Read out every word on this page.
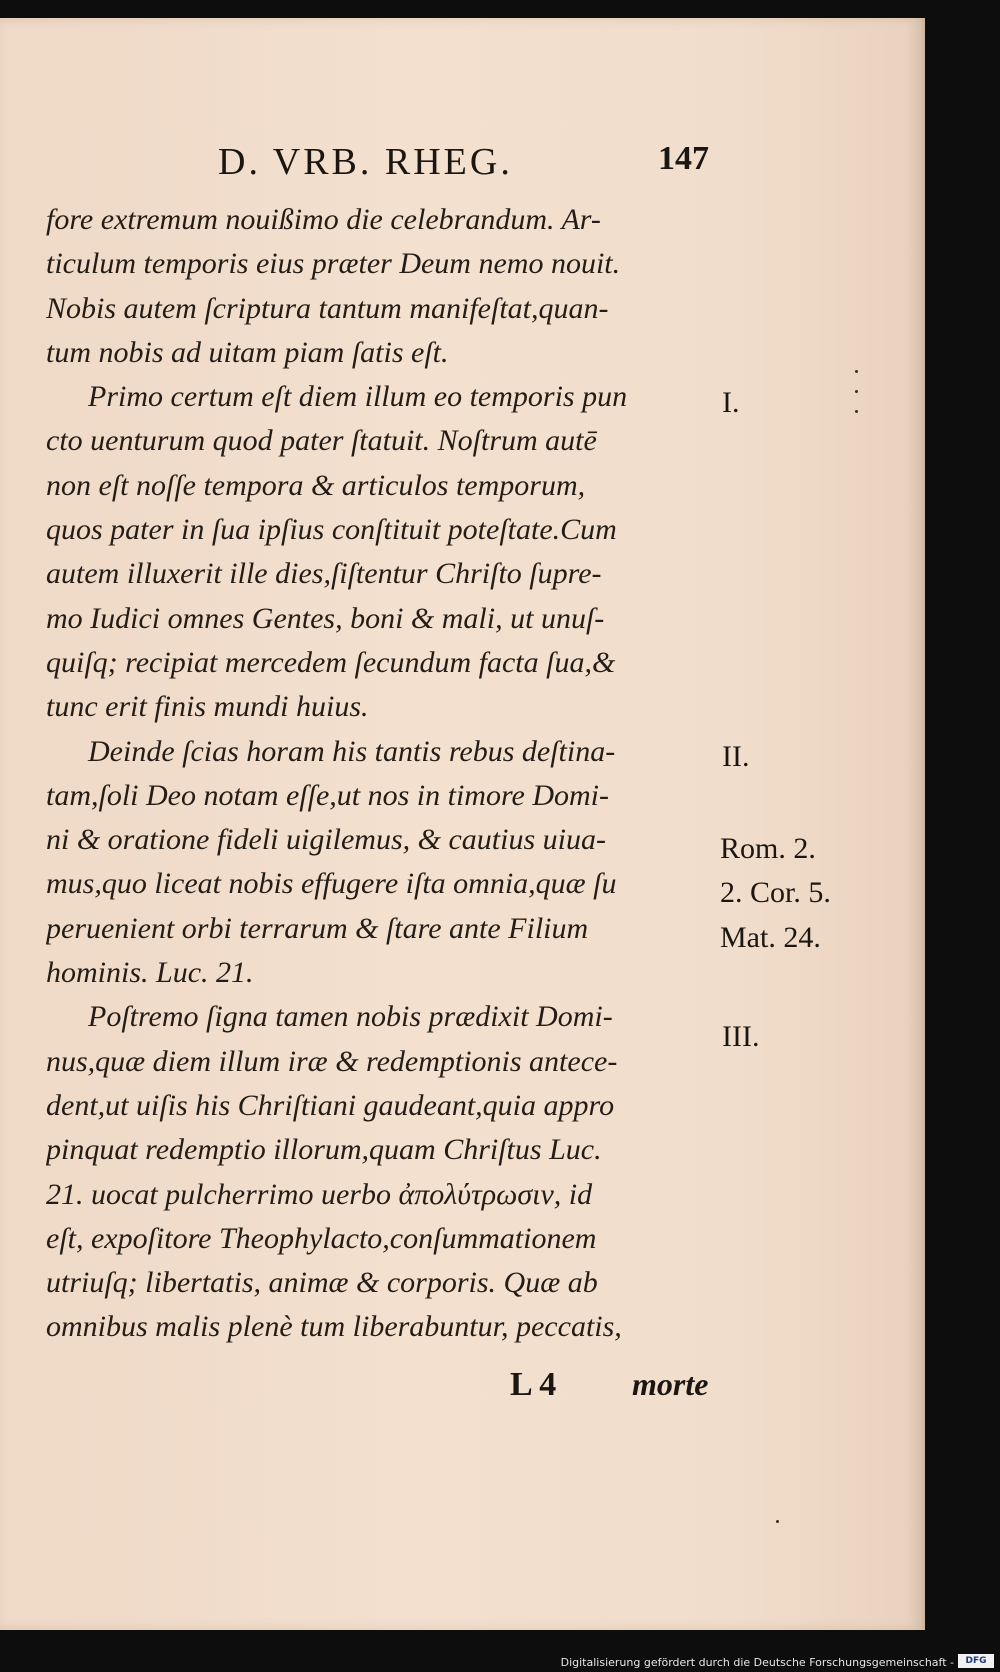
D. VRB. RHEG.	147
fore extremum nouißimo die celebrandum. Ar-
ticulum temporis eius præter Deum nemo nouit.
Nobis autem ſcriptura tantum manifeſtat,quan-
tum nobis ad uitam piam ſatis eſt.
Primo certum eſt diem illum eo temporis pun
cto uenturum quod pater ſtatuit. Noſtrum autē
non eſt noſſe tempora & articulos temporum,
quos pater in ſua ipſius conſtituit poteſtate.Cum
autem illuxerit ille dies,ſiſtentur Chriſto ſupre-
mo Iudici omnes Gentes, boni & mali, ut unuſ-
quiſq; recipiat mercedem ſecundum facta ſua,&
tunc erit finis mundi huius.
Deinde ſcias horam his tantis rebus deſtina-
tam,ſoli Deo notam eſſe,ut nos in timore Domi-
ni & oratione fideli uigilemus, & cautius uiua-
mus,quo liceat nobis effugere iſta omnia,quæ ſu
peruenient orbi terrarum & ſtare ante Filium
hominis. Luc. 21.
Poſtremo ſigna tamen nobis prædixit Domi-
nus,quæ diem illum iræ & redemptionis antece-
dent,ut uiſis his Chriſtiani gaudeant,quia appro
pinquat redemptio illorum,quam Chriſtus Luc.
21. uocat pulcherrimo uerbo ἀπολύτρωσιν, id
eſt, expoſitore Theophylacto,conſummationem
utriuſq; libertatis, animæ & corporis. Quæ ab
omnibus malis plenè tum liberabuntur, peccatis,
I.
II.
Rom. 2.
2. Cor. 5.
Mat. 24.
III.
L 4 morte
Digitalisierung gefördert durch die Deutsche Forschungsgemeinschaft -	DFG
